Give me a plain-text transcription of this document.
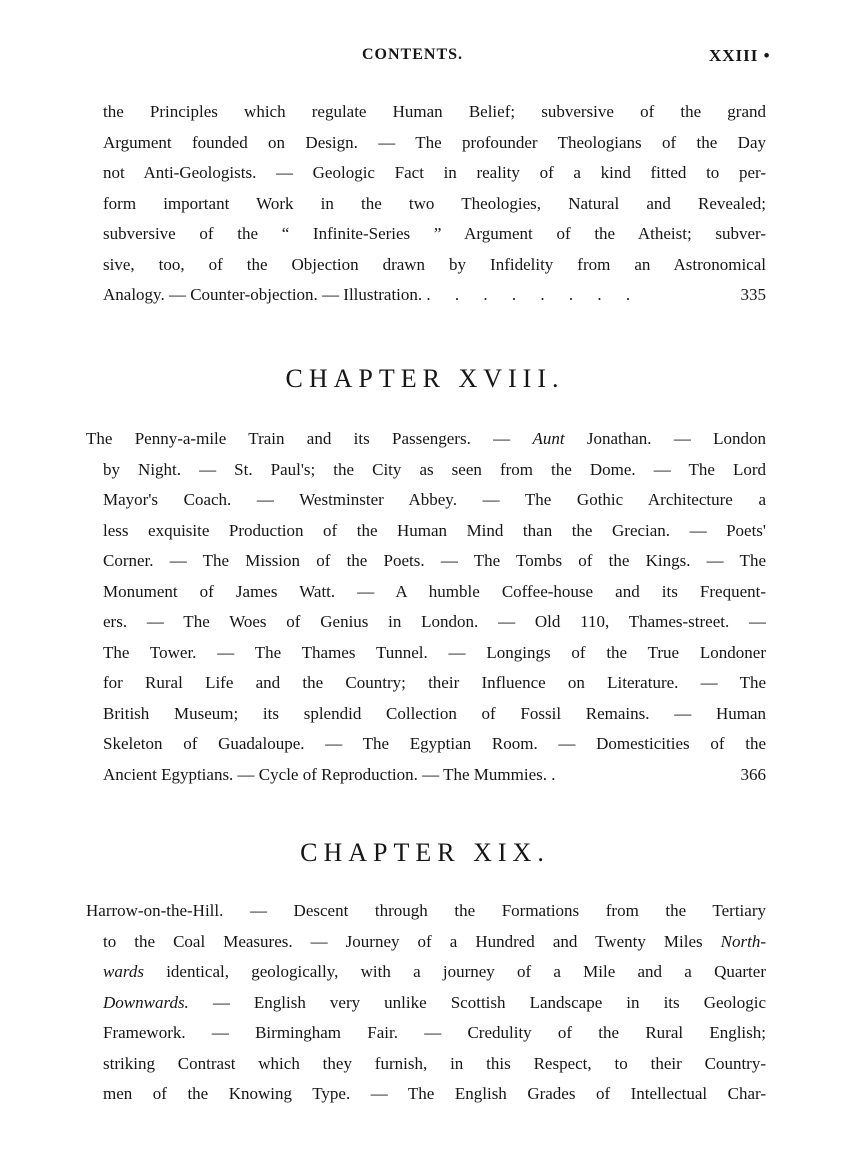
CONTENTS.	XXIII •
the Principles which regulate Human Belief; subversive of the grand
Argument founded on Design. — The profounder Theologians of the Day
not Anti-Geologists. — Geologic Fact in reality of a kind fitted to per-
form important Work in the two Theologies, Natural and Revealed;
subversive of the “ Infinite-Series ” Argument of the Atheist; subver-
sive, too, of the Objection drawn by Infidelity from an Astronomical
Analogy. — Counter-objection. — Illustration. . . . . . . . .	335
CHAPTER XVIII.
The Penny-a-mile Train and its Passengers. — Aunt Jonathan. — London
by Night. — St. Paul's; the City as seen from the Dome. — The Lord
Mayor's Coach. — Westminster Abbey. — The Gothic Architecture a
less exquisite Production of the Human Mind than the Grecian. — Poets'
Corner. — The Mission of the Poets. — The Tombs of the Kings. — The
Monument of James Watt. — A humble Coffee-house and its Frequent-
ers. — The Woes of Genius in London. — Old 110, Thames-street. —
The Tower. — The Thames Tunnel. — Longings of the True Londoner
for Rural Life and the Country; their Influence on Literature. — The
British Museum; its splendid Collection of Fossil Remains. — Human
Skeleton of Guadaloupe. — The Egyptian Room. — Domesticities of the
Ancient Egyptians. — Cycle of Reproduction. — The Mummies. .	366
CHAPTER XIX.
Harrow-on-the-Hill. — Descent through the Formations from the Tertiary
to the Coal Measures. — Journey of a Hundred and Twenty Miles North-
wards identical, geologically, with a journey of a Mile and a Quarter
Downwards. — English very unlike Scottish Landscape in its Geologic
Framework. — Birmingham Fair. — Credulity of the Rural English;
striking Contrast which they furnish, in this Respect, to their Country-
men of the Knowing Type. — The English Grades of Intellectual Char-
